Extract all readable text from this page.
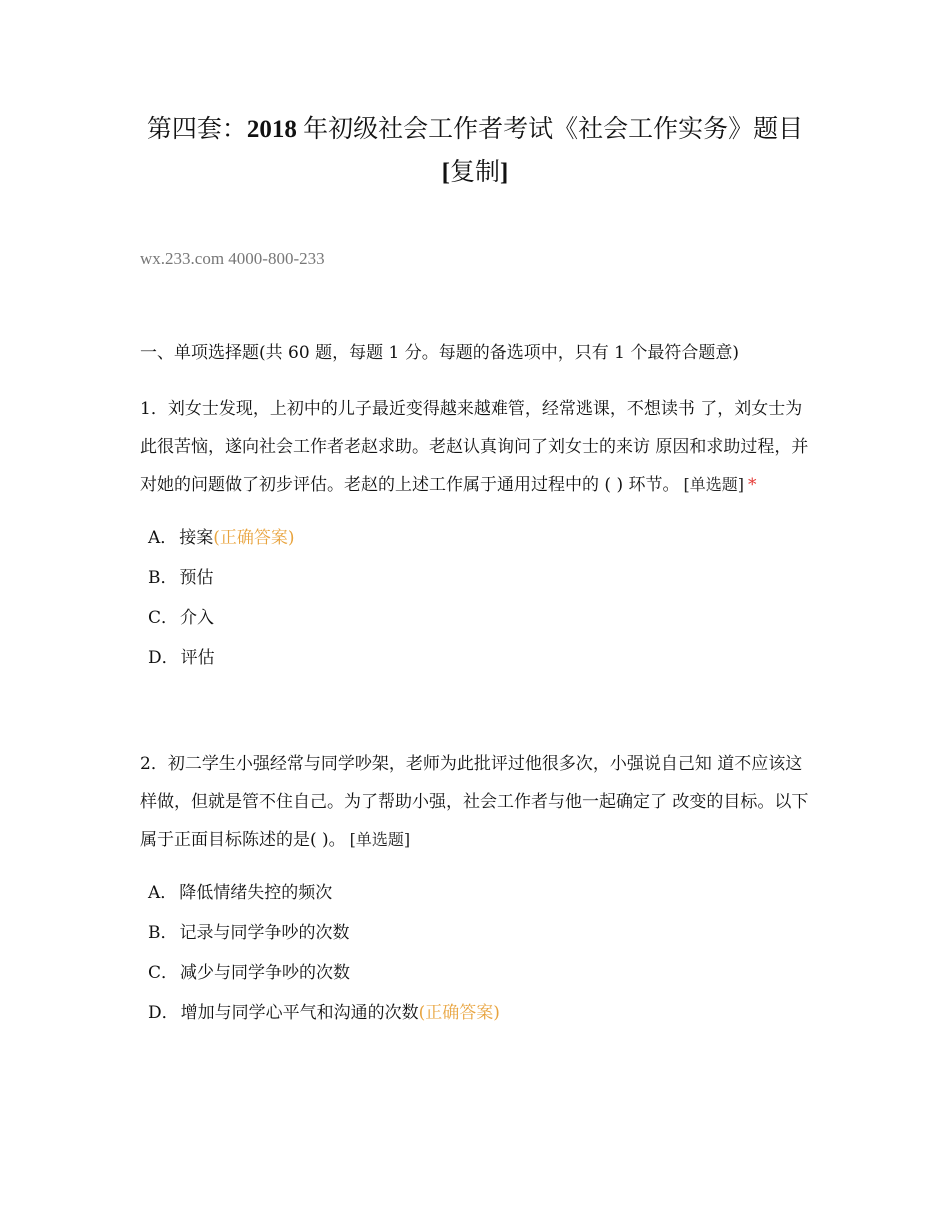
第四套：2018 年初级社会工作者考试《社会工作实务》题目
[复制]
wx.233.com 4000-800-233
一、单项选择题(共 60 题，每题 1 分。每题的备选项中，只有 1 个最符合题意)

1．刘女士发现，上初中的儿子最近变得越来越难管，经常逃课，不想读书 了，刘女士为此很苦恼，遂向社会工作者老赵求助。老赵认真询问了刘女士的来访 原因和求助过程，并对她的问题做了初步评估。老赵的上述工作属于通用过程中的 ( ) 环节。 [单选题] *

A． 接案(正确答案)
B． 预估
C． 介入
D． 评估

2．初二学生小强经常与同学吵架，老师为此批评过他很多次，小强说自己知 道不应该这样做，但就是管不住自己。为了帮助小强，社会工作者与他一起确定了 改变的目标。以下属于正面目标陈述的是( )。 [单选题]

A． 降低情绪失控的频次
B． 记录与同学争吵的次数
C． 减少与同学争吵的次数
D． 增加与同学心平气和沟通的次数(正确答案)
